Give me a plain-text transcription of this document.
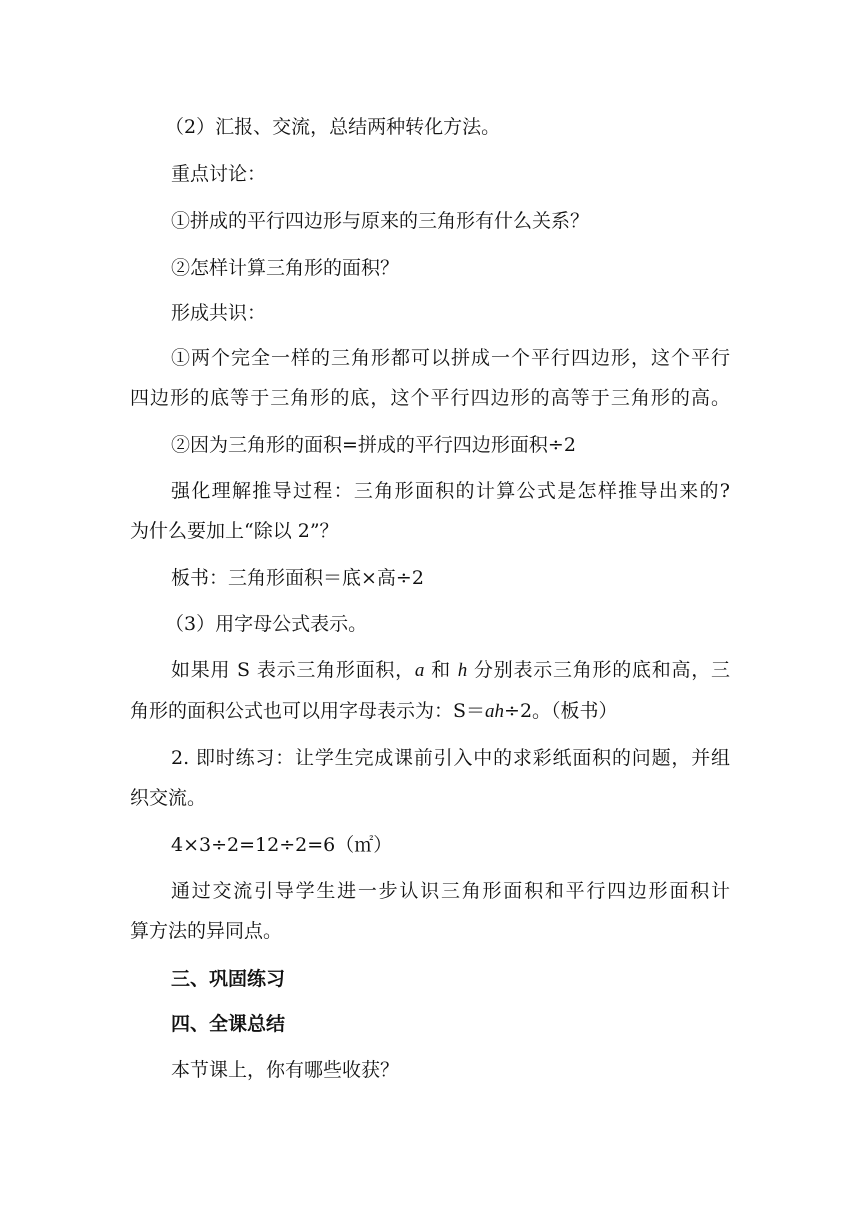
（2）汇报、交流，总结两种转化方法。
重点讨论：
①拼成的平行四边形与原来的三角形有什么关系？
②怎样计算三角形的面积？
形成共识：
①两个完全一样的三角形都可以拼成一个平行四边形，这个平行
四边形的底等于三角形的底，这个平行四边形的高等于三角形的高。
②因为三角形的面积=拼成的平行四边形面积÷2
强化理解推导过程：三角形面积的计算公式是怎样推导出来的?
为什么要加上“除以 2”？
板书：三角形面积＝底×高÷2
（3）用字母公式表示。
如果用 S 表示三角形面积，a 和 h 分别表示三角形的底和高，三
角形的面积公式也可以用字母表示为：S＝ah÷2。（板书）
2. 即时练习：让学生完成课前引入中的求彩纸面积的问题，并组
织交流。
4×3÷2=12÷2=6（㎡）
通过交流引导学生进一步认识三角形面积和平行四边形面积计
算方法的异同点。
三、巩固练习
四、全课总结
本节课上，你有哪些收获？
